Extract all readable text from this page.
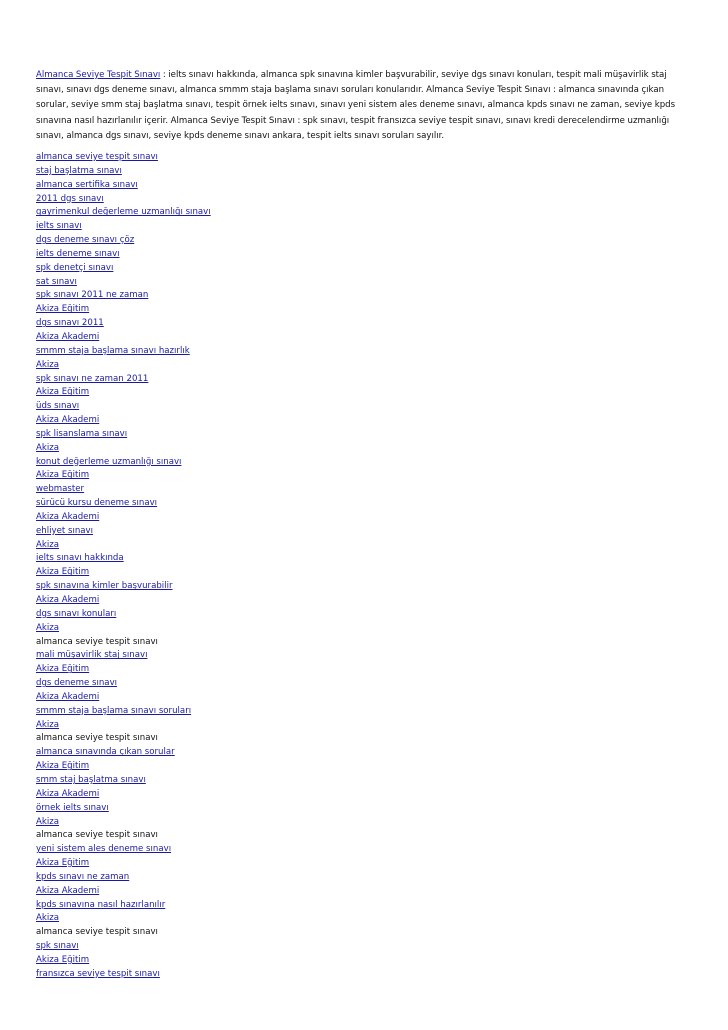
Almanca Seviye Tespit Sınavı : ielts sınavı hakkında, almanca spk sınavına kimler başvurabilir, seviye dgs sınavı konuları, tespit mali müşavirlik staj sınavı, sınavı dgs deneme sınavı, almanca smmm staja başlama sınavı soruları konularıdır. Almanca Seviye Tespit Sınavı : almanca sınavında çıkan sorular, seviye smm staj başlatma sınavı, tespit örnek ielts sınavı, sınavı yeni sistem ales deneme sınavı, almanca kpds sınavı ne zaman, seviye kpds sınavına nasıl hazırlanılır içerir. Almanca Seviye Tespit Sınavı : spk sınavı, tespit fransızca seviye tespit sınavı, sınavı kredi derecelendirme uzmanlığı sınavı, almanca dgs sınavı, seviye kpds deneme sınavı ankara, tespit ielts sınavı soruları sayılır.

almanca seviye tespit sınavı
staj başlatma sınavı
almanca sertifika sınavı
2011 dgs sınavı
gayrimenkul değerleme uzmanlığı sınavı
ielts sınavı
dgs deneme sınavı çöz
ielts deneme sınavı
spk denetçi sınavı
sat sınavı
spk sınavı 2011 ne zaman
Akiza Eğitim
dgs sınavı 2011
Akiza Akademi
smmm staja başlama sınavı hazırlık
Akiza
spk sınavı ne zaman 2011
Akiza Eğitim
üds sınavı
Akiza Akademi
spk lisanslama sınavı
Akiza
konut değerleme uzmanlığı sınavı
Akiza Eğitim
webmaster
sürücü kursu deneme sınavı
Akiza Akademi
ehliyet sınavı
Akiza
ielts sınavı hakkında
Akiza Eğitim
spk sınavına kimler başvurabilir
Akiza Akademi
dgs sınavı konuları
Akiza
almanca seviye tespit sınavı
mali müşavirlik staj sınavı
Akiza Eğitim
dgs deneme sınavı
Akiza Akademi
smmm staja başlama sınavı soruları
Akiza
almanca seviye tespit sınavı
almanca sınavında çıkan sorular
Akiza Eğitim
smm staj başlatma sınavı
Akiza Akademi
örnek ielts sınavı
Akiza
almanca seviye tespit sınavı
yeni sistem ales deneme sınavı
Akiza Eğitim
kpds sınavı ne zaman
Akiza Akademi
kpds sınavına nasıl hazırlanılır
Akiza
almanca seviye tespit sınavı
spk sınavı
Akiza Eğitim
fransızca seviye tespit sınavı
